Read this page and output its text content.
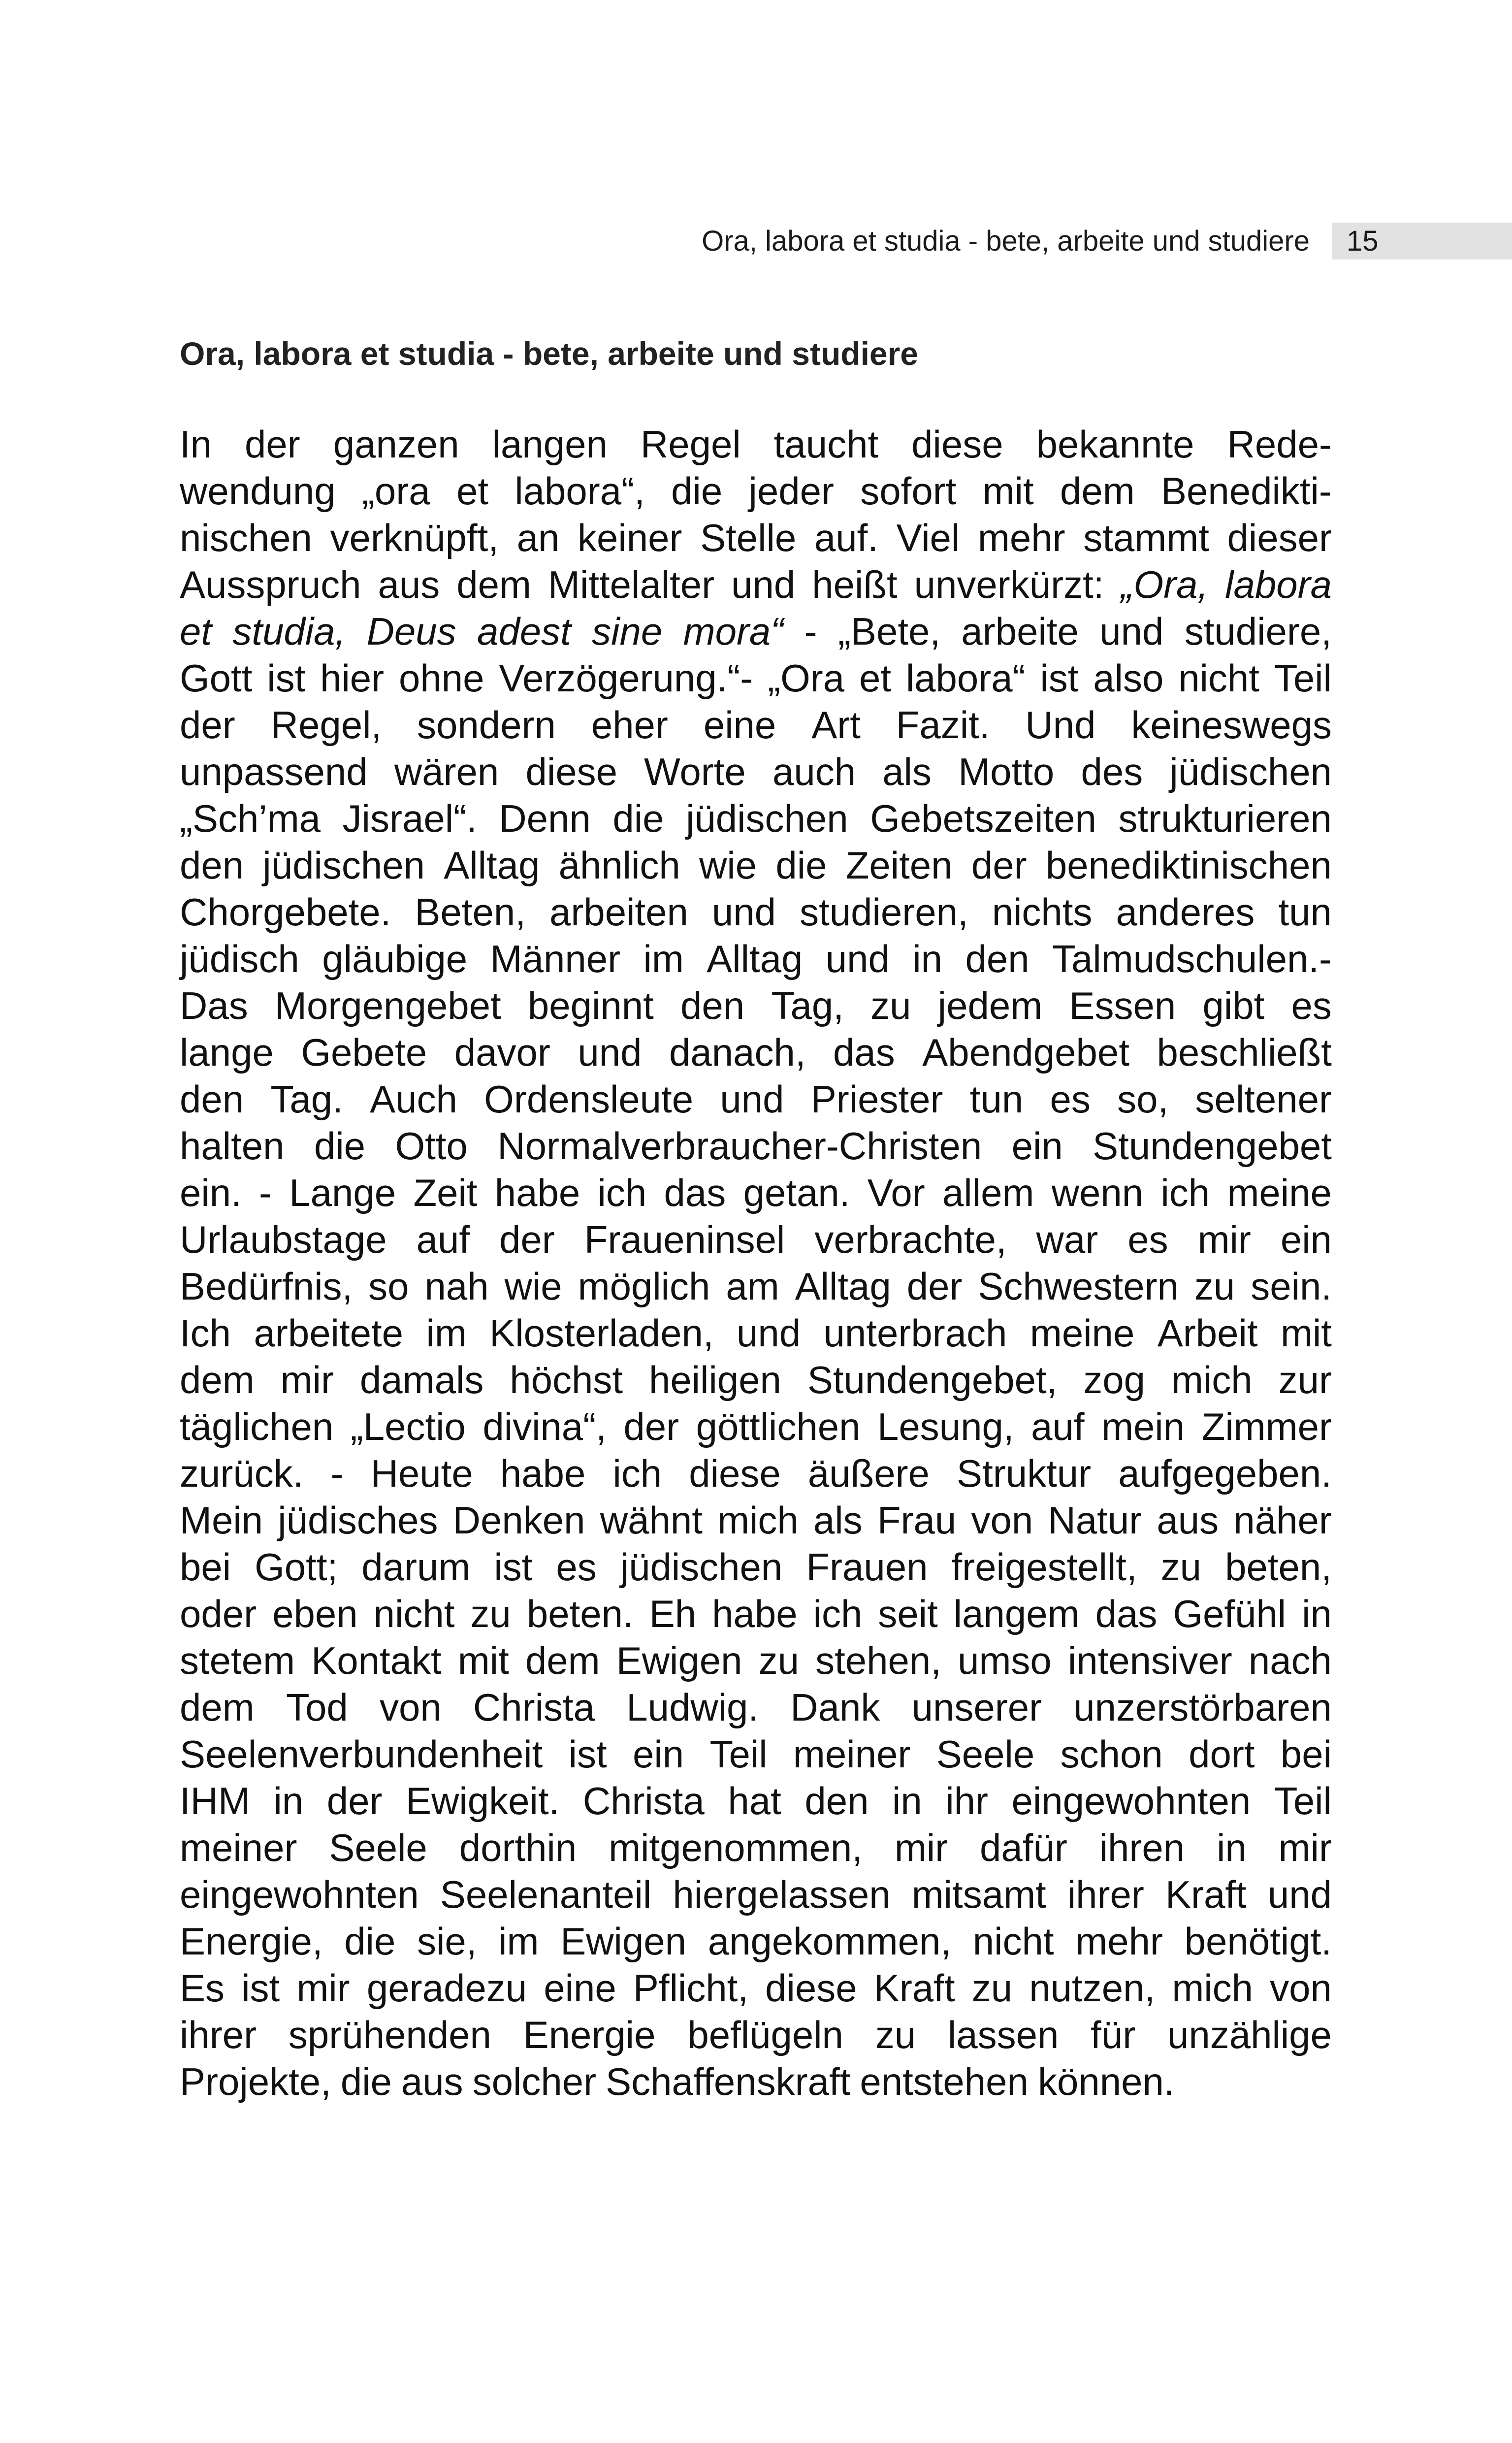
Ora, labora et studia - bete, arbeite und studiere 15
Ora, labora et studia - bete, arbeite und studiere
In der ganzen langen Regel taucht diese bekannte Rede-
wendung „ora et labora“, die jeder sofort mit dem Benedikti-
nischen verknüpft, an keiner Stelle auf. Viel mehr stammt dieser
Ausspruch aus dem Mittelalter und heißt unverkürzt: „Ora, labora
et studia, Deus adest sine mora“ - „Bete, arbeite und studiere,
Gott ist hier ohne Verzögerung.“- „Ora et labora“ ist also nicht Teil
der Regel, sondern eher eine Art Fazit. Und keineswegs
unpassend wären diese Worte auch als Motto des jüdischen
„Sch’ma Jisrael“. Denn die jüdischen Gebetszeiten strukturieren
den jüdischen Alltag ähnlich wie die Zeiten der benediktinischen
Chorgebete. Beten, arbeiten und studieren, nichts anderes tun
jüdisch gläubige Männer im Alltag und in den Talmudschulen.-
Das Morgengebet beginnt den Tag, zu jedem Essen gibt es
lange Gebete davor und danach, das Abendgebet beschließt
den Tag. Auch Ordensleute und Priester tun es so, seltener
halten die Otto Normalverbraucher-Christen ein Stundengebet
ein. - Lange Zeit habe ich das getan. Vor allem wenn ich meine
Urlaubstage auf der Fraueninsel verbrachte, war es mir ein
Bedürfnis, so nah wie möglich am Alltag der Schwestern zu sein.
Ich arbeitete im Klosterladen, und unterbrach meine Arbeit mit
dem mir damals höchst heiligen Stundengebet, zog mich zur
täglichen „Lectio divina“, der göttlichen Lesung, auf mein Zimmer
zurück. - Heute habe ich diese äußere Struktur aufgegeben.
Mein jüdisches Denken wähnt mich als Frau von Natur aus näher
bei Gott; darum ist es jüdischen Frauen freigestellt, zu beten,
oder eben nicht zu beten. Eh habe ich seit langem das Gefühl in
stetem Kontakt mit dem Ewigen zu stehen, umso intensiver nach
dem Tod von Christa Ludwig. Dank unserer unzerstörbaren
Seelenverbundenheit ist ein Teil meiner Seele schon dort bei
IHM in der Ewigkeit. Christa hat den in ihr eingewohnten Teil
meiner Seele dorthin mitgenommen, mir dafür ihren in mir
eingewohnten Seelenanteil hiergelassen mitsamt ihrer Kraft und
Energie, die sie, im Ewigen angekommen, nicht mehr benötigt.
Es ist mir geradezu eine Pflicht, diese Kraft zu nutzen, mich von
ihrer sprühenden Energie beflügeln zu lassen für unzählige
Projekte, die aus solcher Schaffenskraft entstehen können.
